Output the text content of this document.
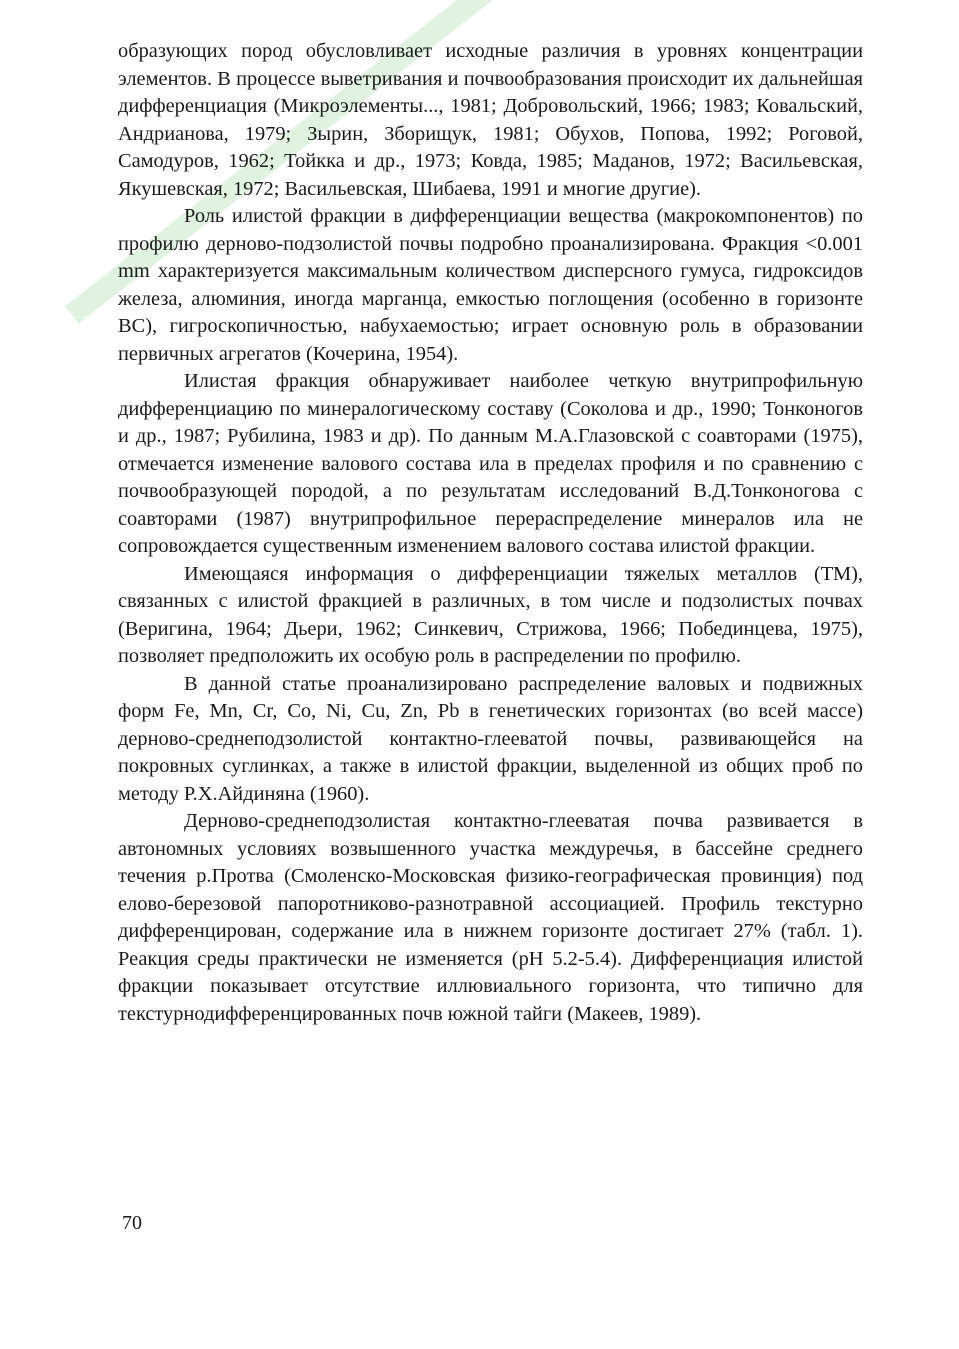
образующих пород обусловливает исходные различия в уровнях концентрации элементов. В процессе выветривания и почвообразования происходит их дальнейшая дифференциация (Микроэлементы..., 1981; Добровольский, 1966; 1983; Ковальский, Андрианова, 1979; Зырин, Зборищук, 1981; Обухов, Попова, 1992; Роговой, Самодуров, 1962; Тойкка и др., 1973; Ковда, 1985; Маданов, 1972; Васильевская, Якушевская, 1972; Васильевская, Шибаева, 1991 и многие другие).

Роль илистой фракции в дифференциации вещества (макрокомпонентов) по профилю дерново-подзолистой почвы подробно проанализирована. Фракция <0.001 mm характеризуется максимальным количеством дисперсного гумуса, гидроксидов железа, алюминия, иногда марганца, емкостью поглощения (особенно в горизонте ВС), гигроскопичностью, набухаемостью; играет основную роль в образовании первичных агрегатов (Кочерина, 1954).

Илистая фракция обнаруживает наиболее четкую внутрипрофильную дифференциацию по минералогическому составу (Соколова и др., 1990; Тонконогов и др., 1987; Рубилина, 1983 и др). По данным М.А.Глазовской с соавторами (1975), отмечается изменение валового состава ила в пределах профиля и по сравнению с почвообразующей породой, а по результатам исследований В.Д.Тонконогова с соавторами (1987) внутрипрофильное перераспределение минералов ила не сопровождается существенным изменением валового состава илистой фракции.

Имеющаяся информация о дифференциации тяжелых металлов (ТМ), связанных с илистой фракцией в различных, в том числе и подзолистых почвах (Веригина, 1964; Дьери, 1962; Синкевич, Стрижова, 1966; Побединцева, 1975), позволяет предположить их особую роль в распределении по профилю.

В данной статье проанализировано распределение валовых и подвижных форм Fe, Mn, Cr, Co, Ni, Cu, Zn, Pb в генетических горизонтах (во всей массе) дерново-среднеподзолистой контактно-глееватой почвы, развивающейся на покровных суглинках, а также в илистой фракции, выделенной из общих проб по методу Р.Х.Айдиняна (1960).

Дерново-среднеподзолистая контактно-глееватая почва развивается в автономных условиях возвышенного участка междуречья, в бассейне среднего течения р.Протва (Смоленско-Московская физико-географическая провинция) под елово-березовой папоротниково-разнотравной ассоциацией. Профиль текстурно дифференцирован, содержание ила в нижнем горизонте достигает 27% (табл. 1). Реакция среды практически не изменяется (pH 5.2-5.4). Дифференциация илистой фракции показывает отсутствие иллювиального горизонта, что типично для текстурнодифференцированных почв южной тайги (Макеев, 1989).

70
